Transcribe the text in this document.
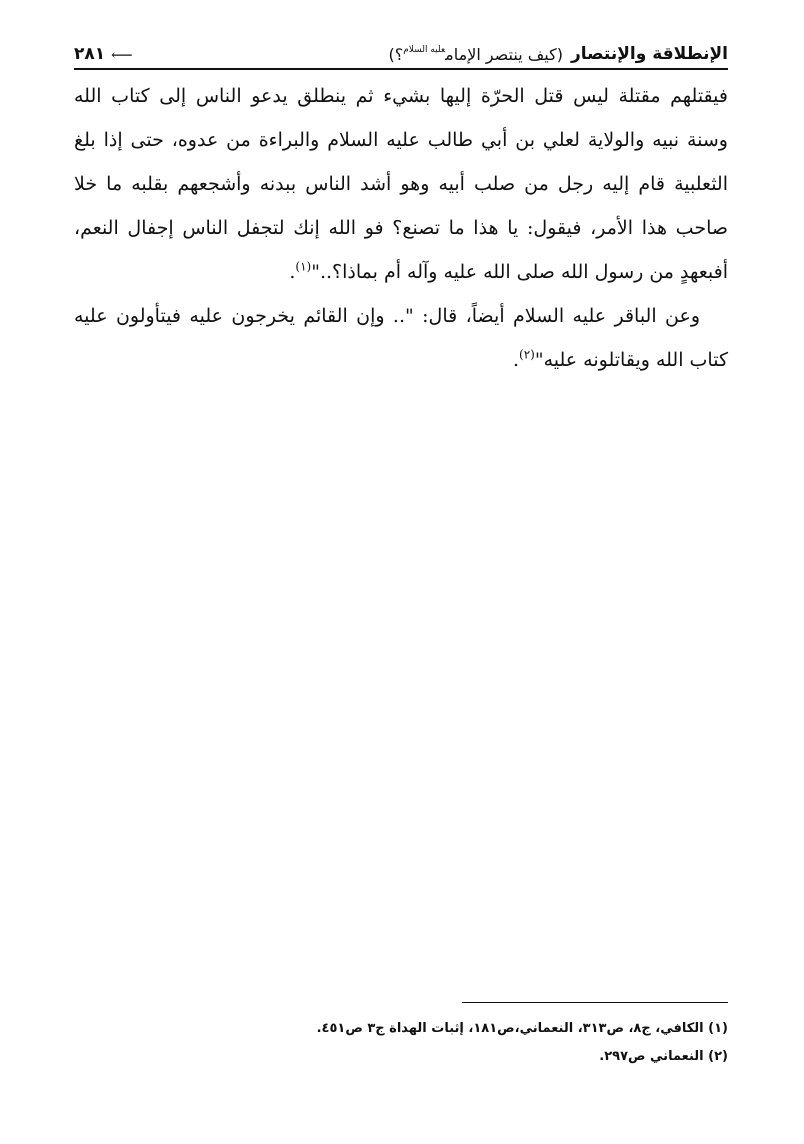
الإنطلاقة والإنتصار
(كيف ينتصر الإمام$^{عليه السلام}$؟)
⟵
٢٨١

فيقتلهم مقتلة ليس قتل الحرّة إليها بشيء ثم ينطلق يدعو الناس إلى كتاب الله وسنة نبيه والولاية لعلي بن أبي طالب عليه السلام والبراءة من عدوه، حتى إذا بلغ الثعلبية قام إليه رجل من صلب أبيه وهو أشد الناس ببدنه وأشجعهم بقلبه ما خلا صاحب هذا الأمر، فيقول: يا هذا ما تصنع؟ فو الله إنك لتجفل الناس إجفال النعم، أفبعهدٍ من رسول الله صلى الله عليه وآله أم بماذا؟.."$^{(١)}$.

وعن الباقر عليه السلام أيضاً، قال: ".. وإن القائم يخرجون عليه فيتأولون عليه كتاب الله ويقاتلونه عليه"$^{(٢)}$.

(١) الكافي، ج٨، ص٣١٣، النعماني،ص١٨١، إثبات الهداة ج٣ ص٤٥١.

(٢) النعماني ص٢٩٧.
